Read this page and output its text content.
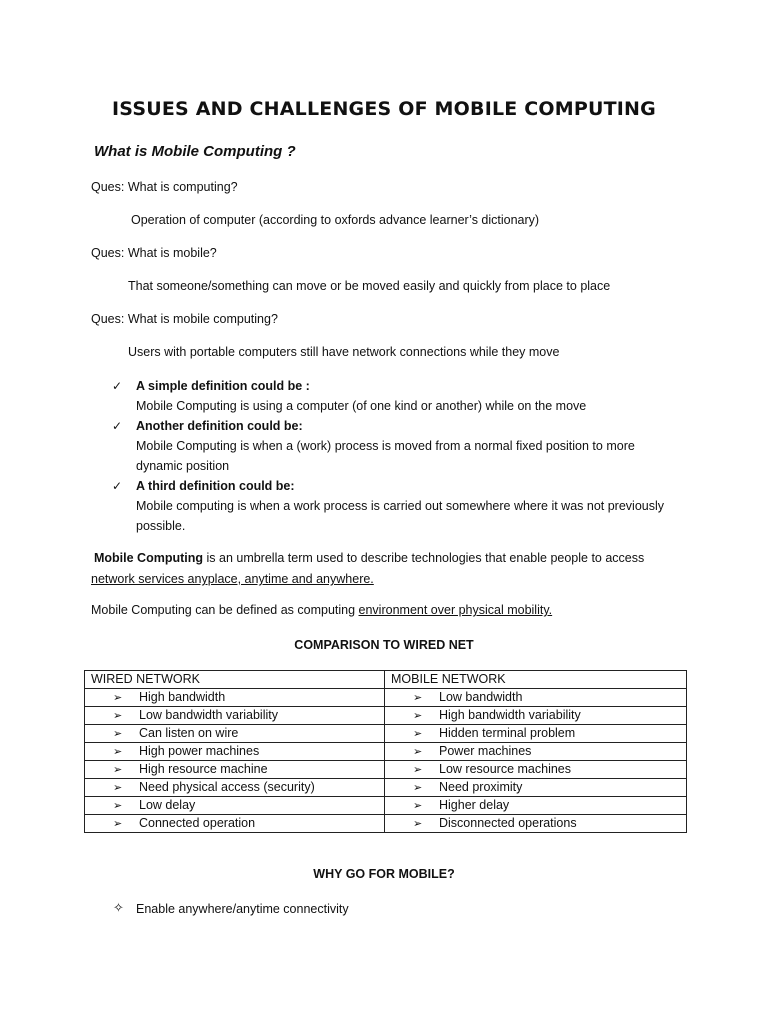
ISSUES AND CHALLENGES OF MOBILE COMPUTING
What is Mobile Computing ?
Ques: What is computing?
Operation of computer (according to oxfords advance learner’s dictionary)
Ques: What is mobile?
That someone/something can move or be moved easily and quickly from place to place
Ques: What is mobile computing?
Users with portable computers still have network connections while they move
✓ A simple definition could be :
Mobile Computing is using a computer (of one kind or another) while on the move
✓ Another definition could be:
Mobile Computing is when a (work) process is moved from a normal fixed position to more
dynamic position
✓ A third definition could be:
Mobile computing is when a work process is carried out somewhere where it was not previously
possible.
Mobile Computing is an umbrella term used to describe technologies that enable people to access
network services anyplace, anytime and anywhere.
Mobile Computing can be defined as computing environment over physical mobility.
COMPARISON TO WIRED NET
WIRED NETWORK	MOBILE NETWORK
➢ High bandwidth	➢ Low bandwidth
➢ Low bandwidth variability	➢ High bandwidth variability
➢ Can listen on wire	➢ Hidden terminal problem
➢ High power machines	➢ Power machines
➢ High resource machine	➢ Low resource machines
➢ Need physical access (security)	➢ Need proximity
➢ Low delay	➢ Higher delay
➢ Connected operation	➢ Disconnected operations
WHY GO FOR MOBILE?
✧ Enable anywhere/anytime connectivity
